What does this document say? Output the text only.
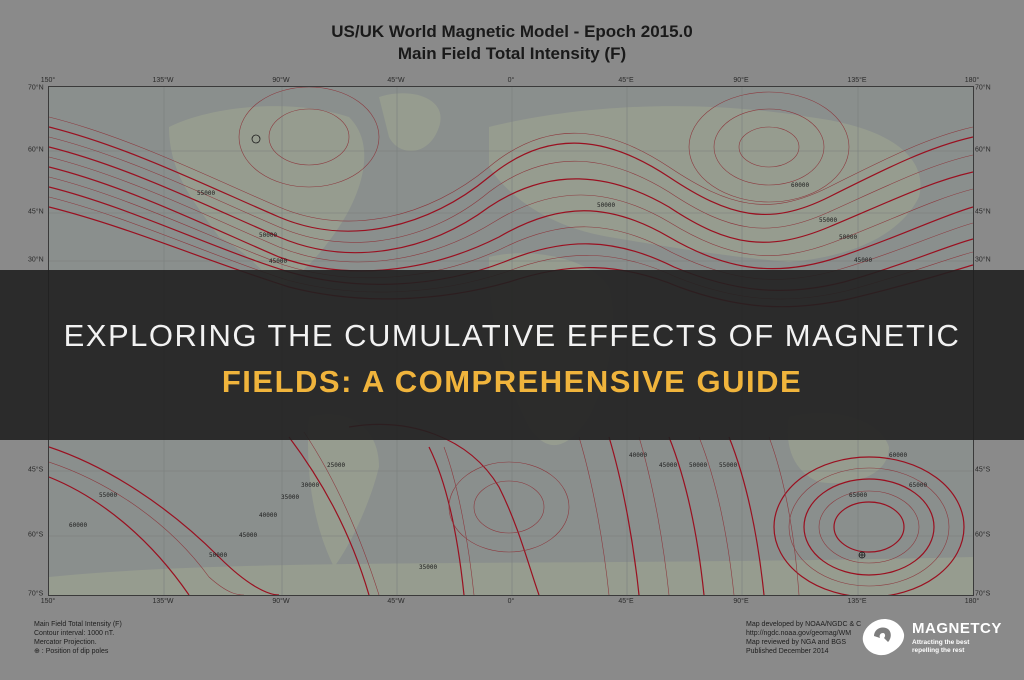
US/UK World Magnetic Model - Epoch 2015.0
Main Field Total Intensity (F)
150°	135°W	90°W	45°W	0°	45°E	90°E	135°E	180°
150°	135°W	90°W	45°W	0°	45°E	90°E	135°E	180°
70°N
60°N
45°N
30°N
45°S
60°S
70°S
70°N
60°N
45°N
30°N
45°S
60°S
70°S
55000
50000
45000
60000
55000
50000
45000
50000
25000
30000
35000
40000
45000
50000
55000
60000
65000
35000
40000
45000 50000 55000
60000
65000
Main Field Total Intensity (F)
Contour interval: 1000 nT.
Mercator Projection.
⊕ : Position of dip poles
Map developed by NOAA/NGDC & C
http://ngdc.noaa.gov/geomag/WM
Map reviewed by NGA and BGS
Published December 2014
EXPLORING THE CUMULATIVE EFFECTS OF MAGNETIC
FIELDS: A COMPREHENSIVE GUIDE
MAGNETCY
Attracting the best
repelling the rest
